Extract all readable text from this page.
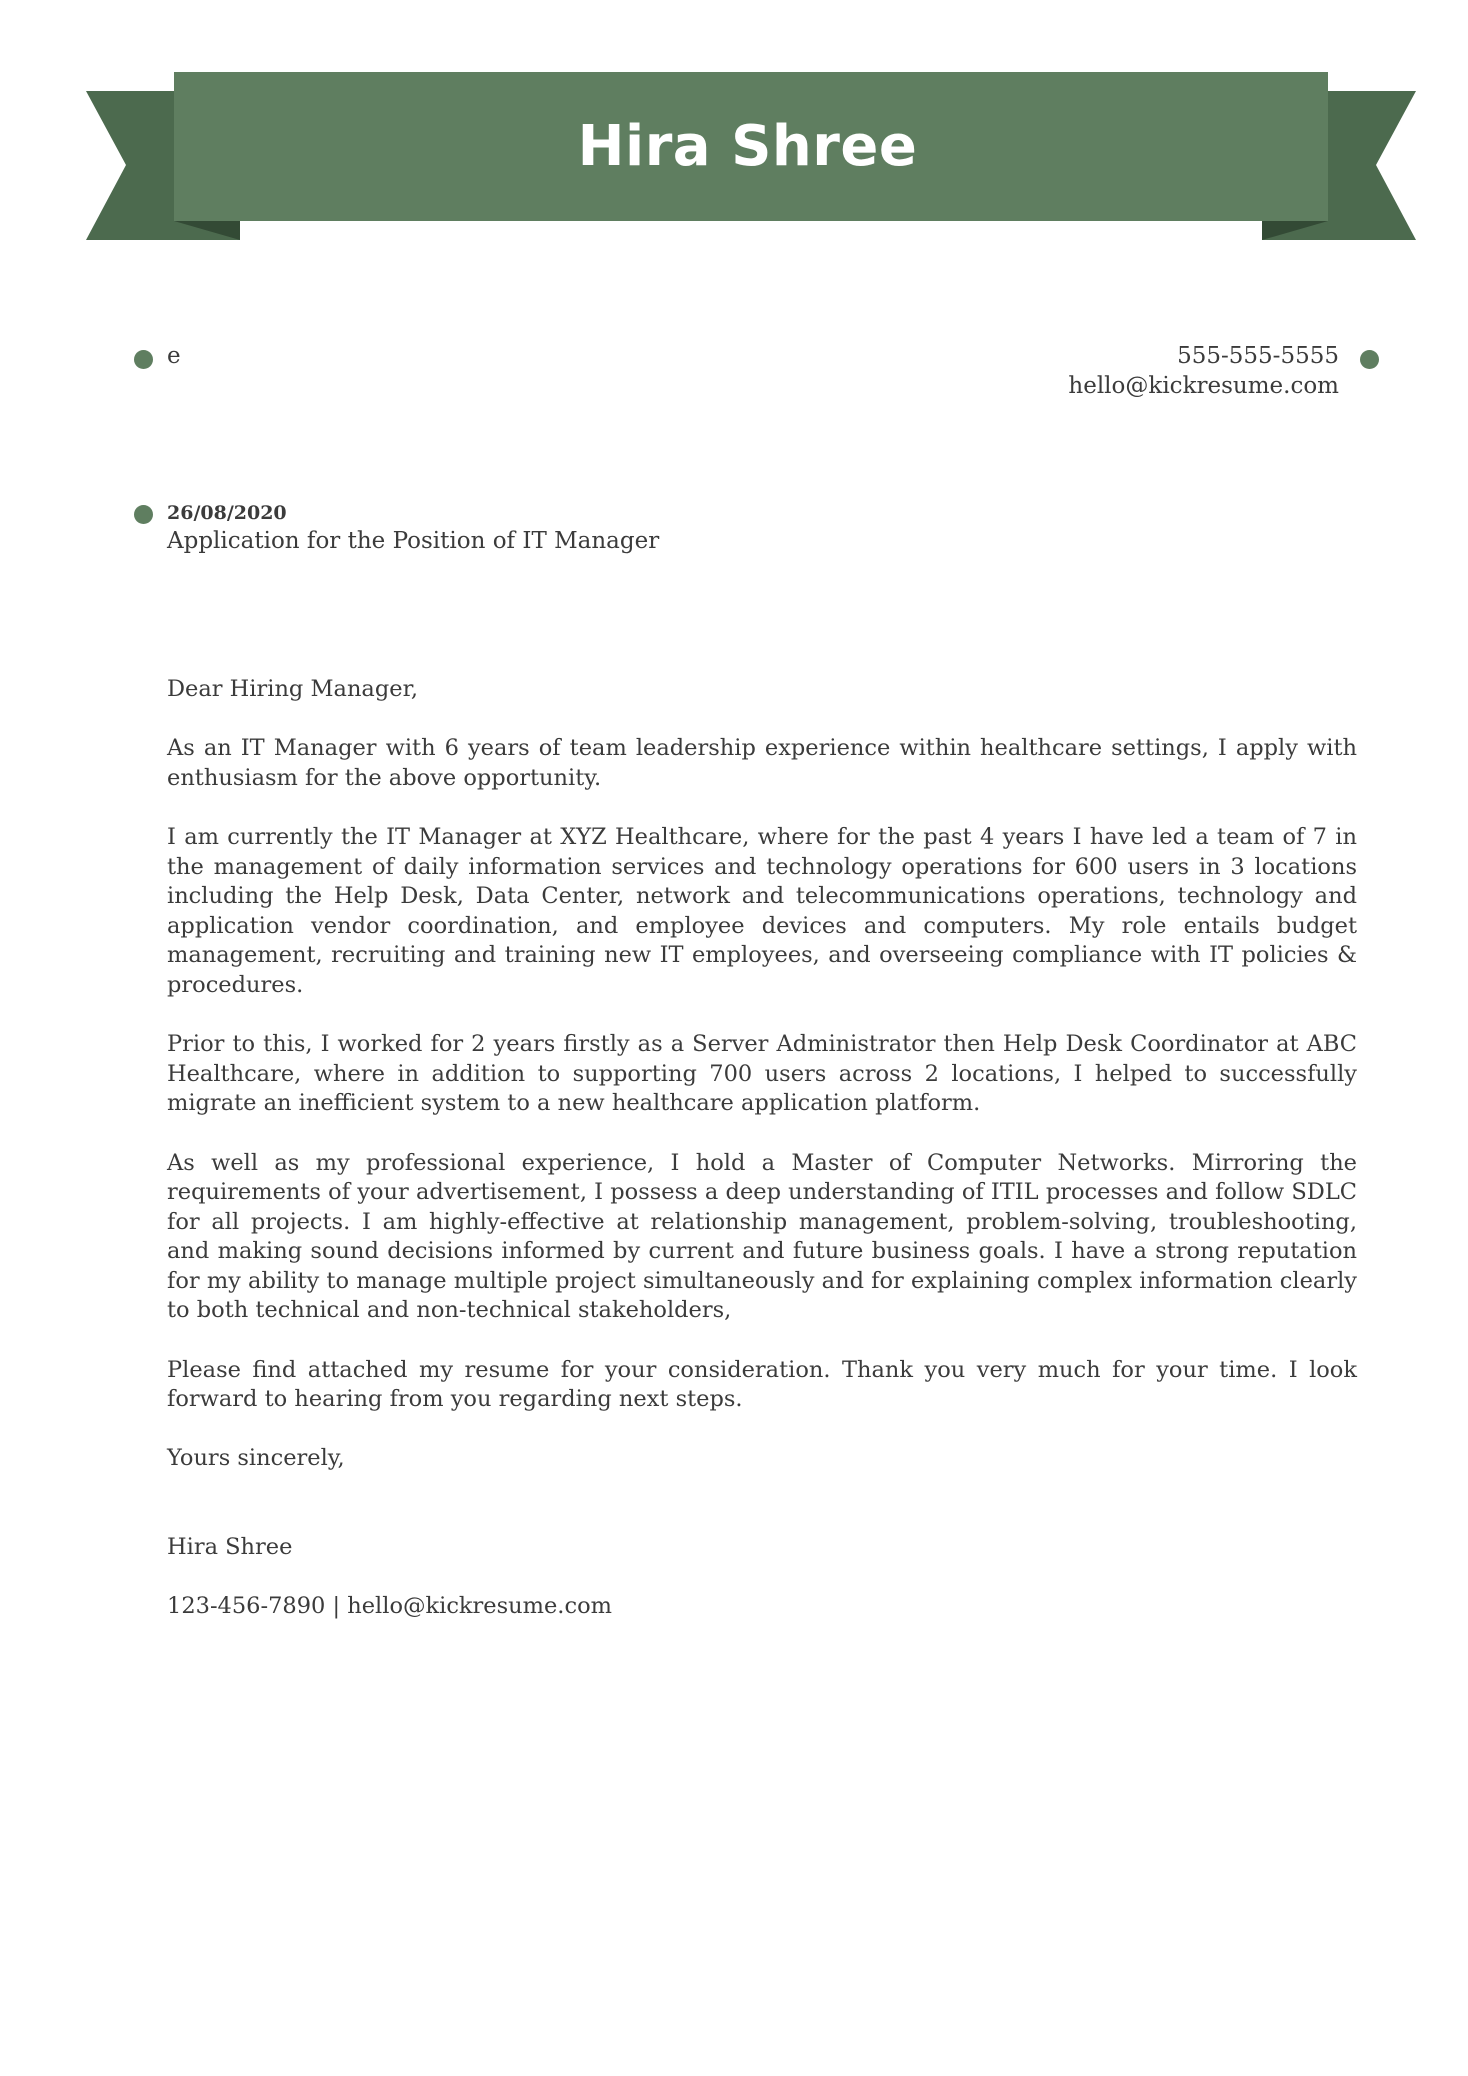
Hira Shree
e	555-555-5555
hello@kickresume.com
26/08/2020
Application for the Position of IT Manager

Dear Hiring Manager,

As an IT Manager with 6 years of team leadership experience within healthcare settings, I apply with enthusiasm for the above opportunity.

I am currently the IT Manager at XYZ Healthcare, where for the past 4 years I have led a team of 7 in the management of daily information services and technology operations for 600 users in 3 locations including the Help Desk, Data Center, network and telecommunications operations, technology and application vendor coordination, and employee devices and computers. My role entails budget management, recruiting and training new IT employees, and overseeing compliance with IT policies & procedures.

Prior to this, I worked for 2 years firstly as a Server Administrator then Help Desk Coordinator at ABC Healthcare, where in addition to supporting 700 users across 2 locations, I helped to successfully migrate an inefficient system to a new healthcare application platform.

As well as my professional experience, I hold a Master of Computer Networks. Mirroring the requirements of your advertisement, I possess a deep understanding of ITIL processes and follow SDLC for all projects. I am highly-effective at relationship management, problem-solving, troubleshooting, and making sound decisions informed by current and future business goals. I have a strong reputation for my ability to manage multiple project simultaneously and for explaining complex information clearly to both technical and non-technical stakeholders,

Please find attached my resume for your consideration. Thank you very much for your time. I look forward to hearing from you regarding next steps.

Yours sincerely,

Hira Shree

123-456-7890 | hello@kickresume.com
